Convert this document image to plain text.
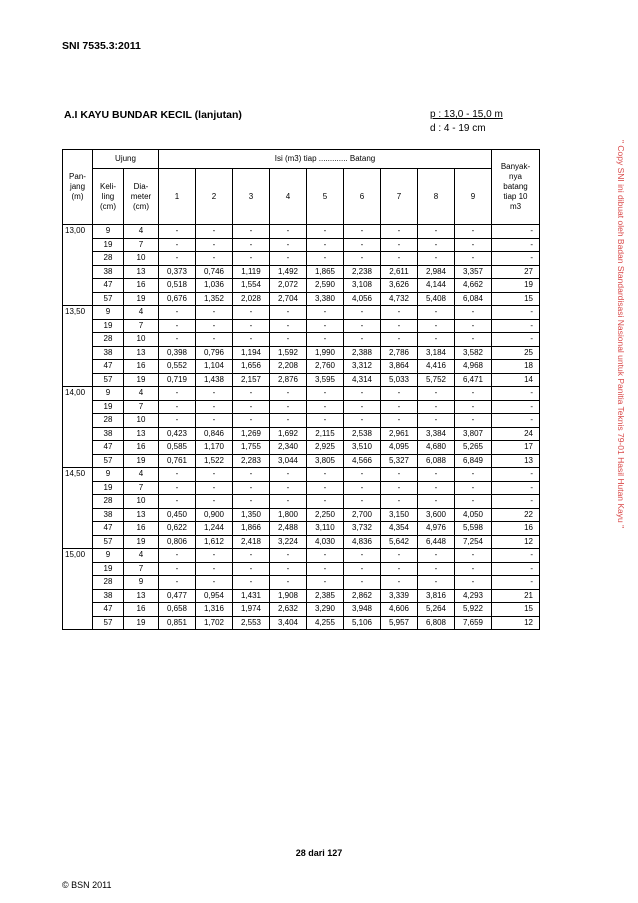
SNI 7535.3:2011
A.I KAYU BUNDAR KECIL (lanjutan)	p : 13,0 - 15,0 m
d : 4 - 19 cm
Pan-
jang
(m)	Ujung		Isi (m3) tiap ............. Batang									Banyak-
nya
batang
tiap 10
m3
	Keli-
ling
(cm)	Dia-
meter
(cm)	1	2	3	4	5	6	7	8	9	
13,00	9	4	-	-	-	-	-	-	-	-	-	-
	19	7	-	-	-	-	-	-	-	-	-	-
	28	10	-	-	-	-	-	-	-	-	-	-
	38	13	0,373	0,746	1,119	1,492	1,865	2,238	2,611	2,984	3,357	27
	47	16	0,518	1,036	1,554	2,072	2,590	3,108	3,626	4,144	4,662	19
	57	19	0,676	1,352	2,028	2,704	3,380	4,056	4,732	5,408	6,084	15
13,50	9	4	-	-	-	-	-	-	-	-	-	-
	19	7	-	-	-	-	-	-	-	-	-	-
	28	10	-	-	-	-	-	-	-	-	-	-
	38	13	0,398	0,796	1,194	1,592	1,990	2,388	2,786	3,184	3,582	25
	47	16	0,552	1,104	1,656	2,208	2,760	3,312	3,864	4,416	4,968	18
	57	19	0,719	1,438	2,157	2,876	3,595	4,314	5,033	5,752	6,471	14
14,00	9	4	-	-	-	-	-	-	-	-	-	-
	19	7	-	-	-	-	-	-	-	-	-	-
	28	10	-	-	-	-	-	-	-	-	-	-
	38	13	0,423	0,846	1,269	1,692	2,115	2,538	2,961	3,384	3,807	24
	47	16	0,585	1,170	1,755	2,340	2,925	3,510	4,095	4,680	5,265	17
	57	19	0,761	1,522	2,283	3,044	3,805	4,566	5,327	6,088	6,849	13
14,50	9	4	-	-	-	-	-	-	-	-	-	-
	19	7	-	-	-	-	-	-	-	-	-	-
	28	10	-	-	-	-	-	-	-	-	-	-
	38	13	0,450	0,900	1,350	1,800	2,250	2,700	3,150	3,600	4,050	22
	47	16	0,622	1,244	1,866	2,488	3,110	3,732	4,354	4,976	5,598	16
	57	19	0,806	1,612	2,418	3,224	4,030	4,836	5,642	6,448	7,254	12
15,00	9	4	-	-	-	-	-	-	-	-	-	-
	19	7	-	-	-	-	-	-	-	-	-	-
	28	9	-	-	-	-	-	-	-	-	-	-
	38	13	0,477	0,954	1,431	1,908	2,385	2,862	3,339	3,816	4,293	21
	47	16	0,658	1,316	1,974	2,632	3,290	3,948	4,606	5,264	5,922	15
	57	19	0,851	1,702	2,553	3,404	4,255	5,106	5,957	6,808	7,659	12
" Copy SNI ini dibuat oleh Badan Standardisasi Nasional untuk Panitia Teknis 79-01 Hasil Hutan Kayu "
28 dari 127
© BSN 2011
